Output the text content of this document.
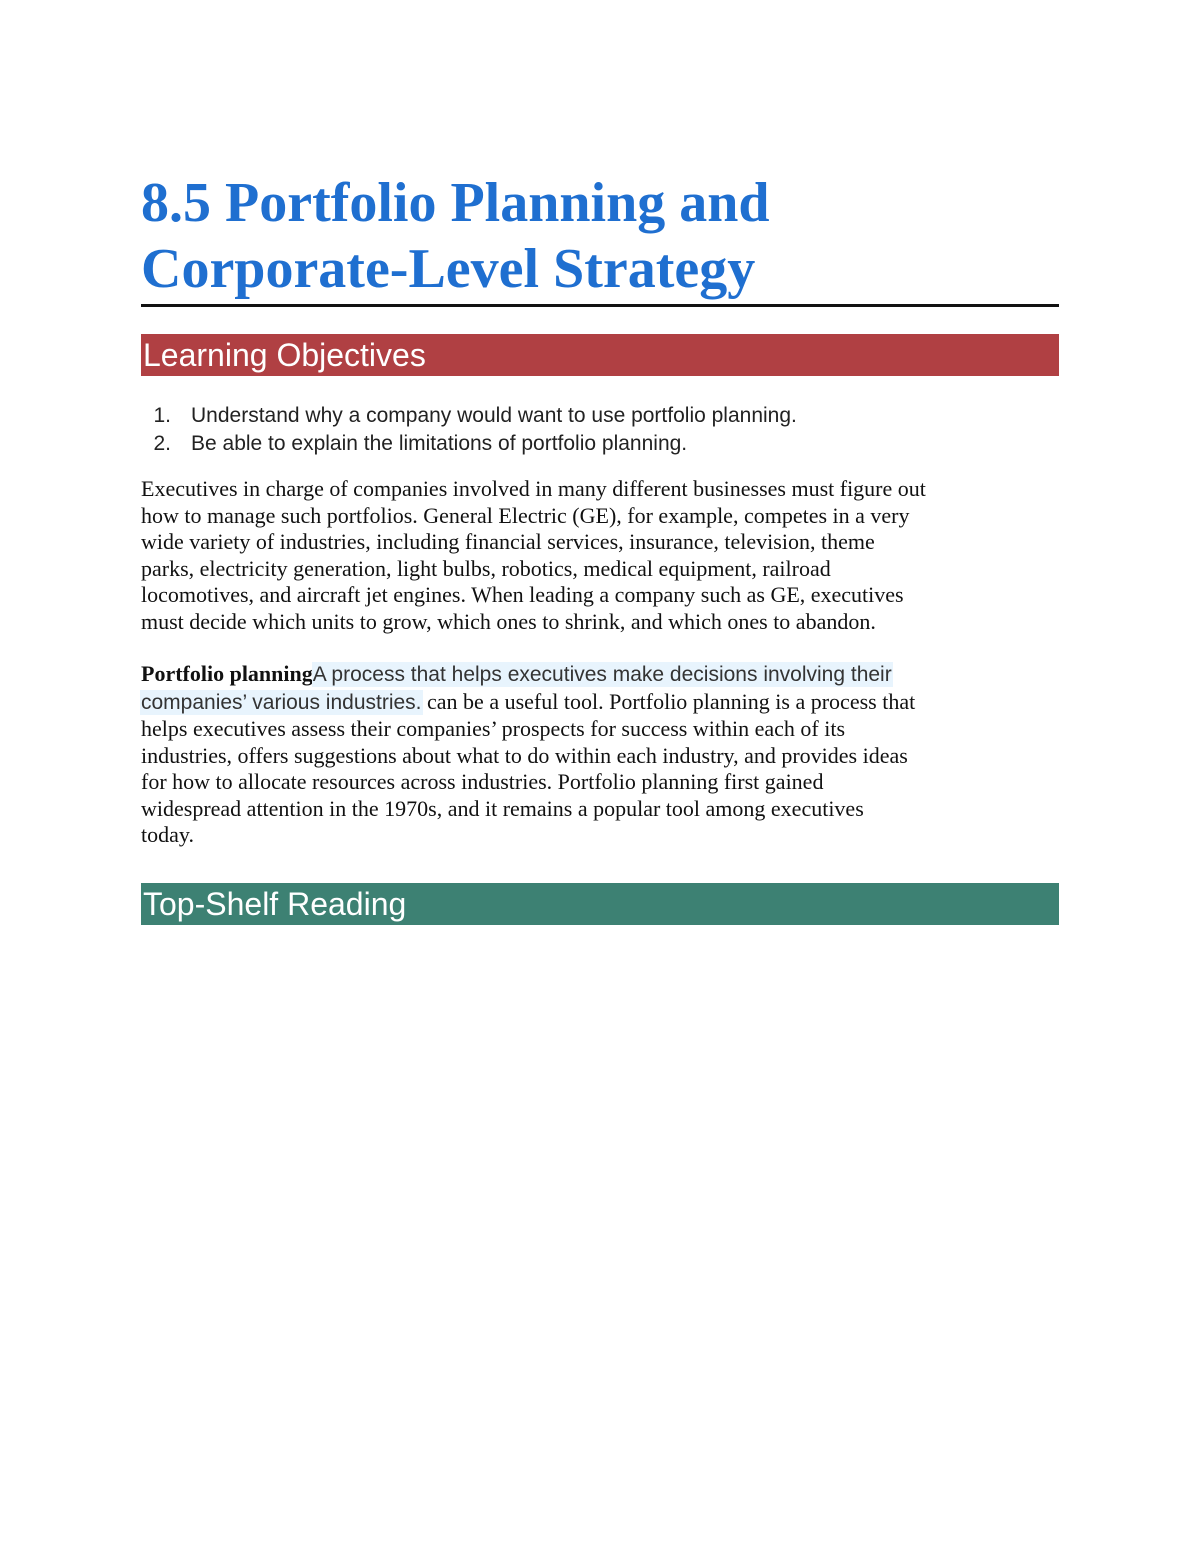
8.5 Portfolio Planning and
Corporate-Level Strategy
Learning Objectives
1. Understand why a company would want to use portfolio planning.
2. Be able to explain the limitations of portfolio planning.

Executives in charge of companies involved in many different businesses must figure out
how to manage such portfolios. General Electric (GE), for example, competes in a very
wide variety of industries, including financial services, insurance, television, theme
parks, electricity generation, light bulbs, robotics, medical equipment, railroad
locomotives, and aircraft jet engines. When leading a company such as GE, executives
must decide which units to grow, which ones to shrink, and which ones to abandon.

Portfolio planningA process that helps executives make decisions involving their
companies’ various industries. can be a useful tool. Portfolio planning is a process that
helps executives assess their companies’ prospects for success within each of its
industries, offers suggestions about what to do within each industry, and provides ideas
for how to allocate resources across industries. Portfolio planning first gained
widespread attention in the 1970s, and it remains a popular tool among executives
today.

Top-Shelf Reading
